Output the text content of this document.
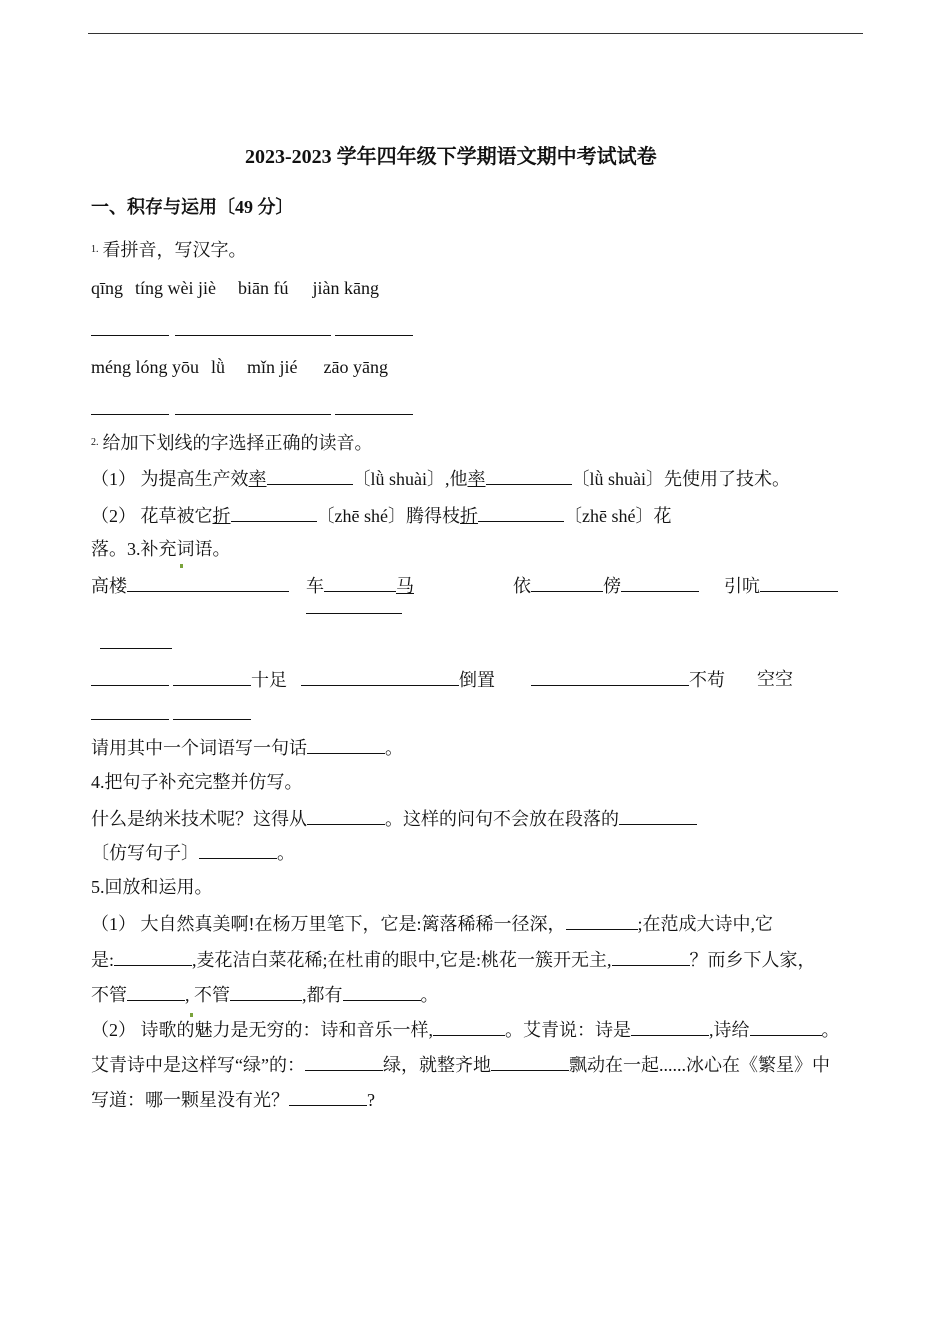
2023-2023 学年四年级下学期语文期中考试试卷
一、积存与运用〔49 分〕
$^{1.}$ 看拼音，写汉字。
qīng tíng wèi jiè biān fú jiàn kāng
méng lóng yōu lǜ mǐn jié zāo yāng
$^{2.}$ 给加下划线的字选择正确的读音。
（1） 为提高生产效率	〔lǜ shuài〕,他率	〔lǜ shuài〕先使用了技术。
（2） 花草被它折	〔zhē shé〕腾得枝折	〔zhē shé〕花
落。3.补充词语。
高楼	车	马	依	傍	引吭
十足	倒置	不苟 空空
请用其中一个词语写一句话	。
4.把句子补充完整并仿写。
什么是纳米技术呢？这得从	。这样的问句不会放在段落的
〔仿写句子〕	。
5.回放和运用。
（1） 大自然真美啊!在杨万里笔下，它是:篱落稀稀一径深，	;在范成大诗中,它
是:	,麦花洁白菜花稀;在杜甫的眼中,它是:桃花一簇开无主,	？而乡下人家，
不管	, 不管	,都有	。
（2） 诗歌的魅力是无穷的：诗和音乐一样,	。艾青说：诗是	,诗给	。
艾青诗中是这样写“绿”的：	绿，就整齐地	飘动在一起......冰心在《繁星》中
写道：哪一颗星没有光？	?
